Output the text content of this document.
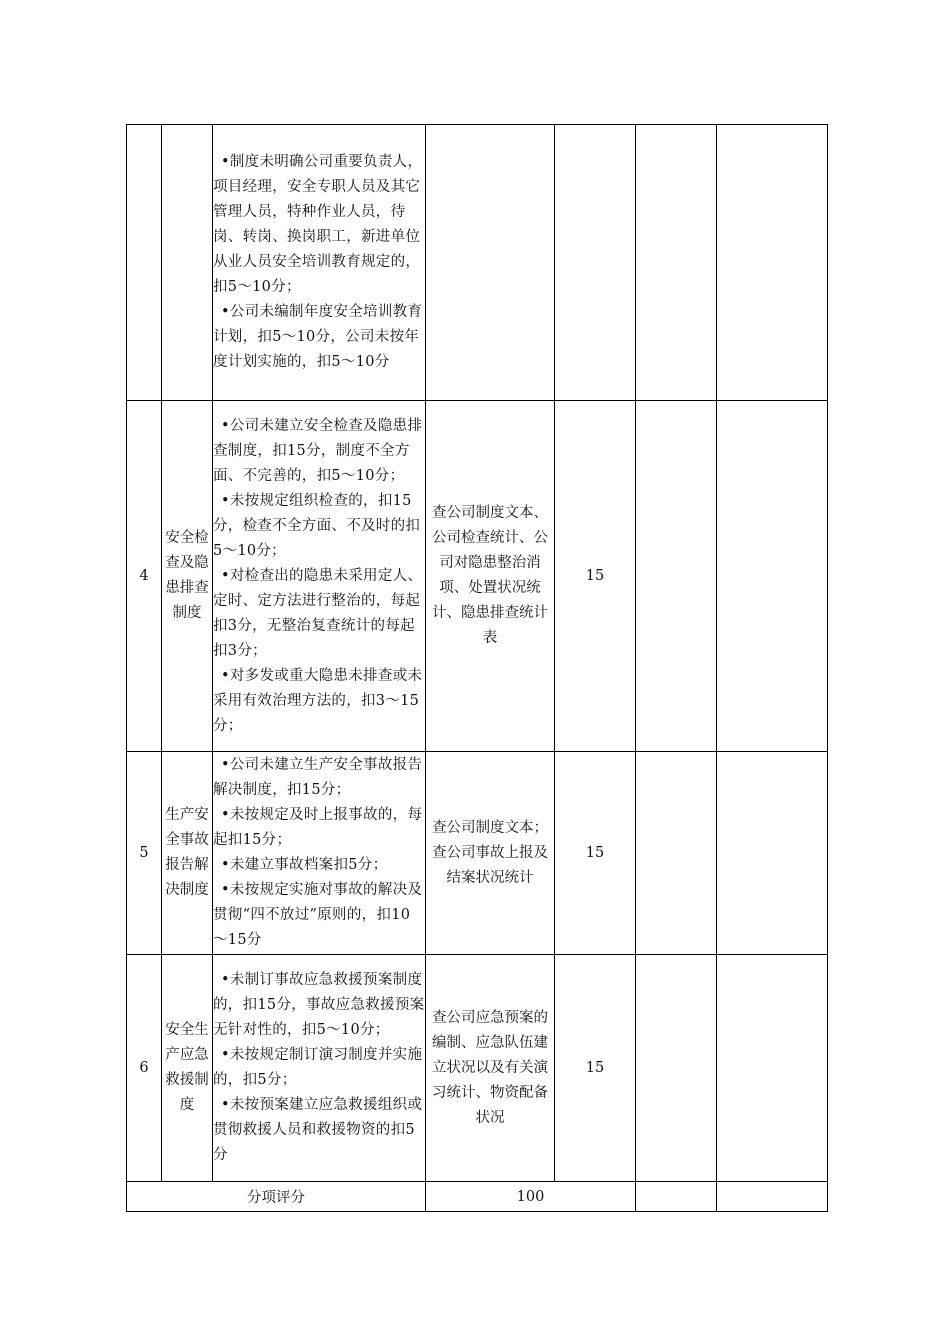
		•制度未明确公司重要负责人，项目经理，安全专职人员及其它管理人员，特种作业人员，待岗、转岗、换岗职工，新进单位从业人员安全培训教育规定的，扣5～10分；

•公司未编制年度安全培训教育计划，扣5～10分，公司未按年度计划实施的，扣5～10分				

4	安全检查及隐患排查制度	•公司未建立安全检查及隐患排查制度，扣15分，制度不全方面、不完善的，扣5～10分；

•未按规定组织检查的，扣15分，检查不全方面、不及时的扣5～10分；

•对检查出的隐患未采用定人、定时、定方法进行整治的，每起扣3分，无整治复查统计的每起扣3分；

•对多发或重大隐患未排查或未采用有效治理方法的，扣3～15分；	查公司制度文本、公司检查统计、公司对隐患整治消项、处置状况统计、隐患排查统计表	15		
5	生产安全事故报告解决制度	•公司未建立生产安全事故报告解决制度，扣15分；

•未按规定及时上报事故的，每起扣15分；

•未建立事故档案扣5分；

•未按规定实施对事故的解决及贯彻“四不放过”原则的，扣10～15分	查公司制度文本；查公司事故上报及结案状况统计	15		
6	安全生产应急救援制度	•未制订事故应急救援预案制度的，扣15分，事故应急救援预案无针对性的，扣5～10分；

•未按规定制订演习制度并实施的，扣5分；

•未按预案建立应急救援组织或贯彻救援人员和救援物资的扣5分	查公司应急预案的编制、应急队伍建立状况以及有关演习统计、物资配备状况	15		
分项评分			100			
